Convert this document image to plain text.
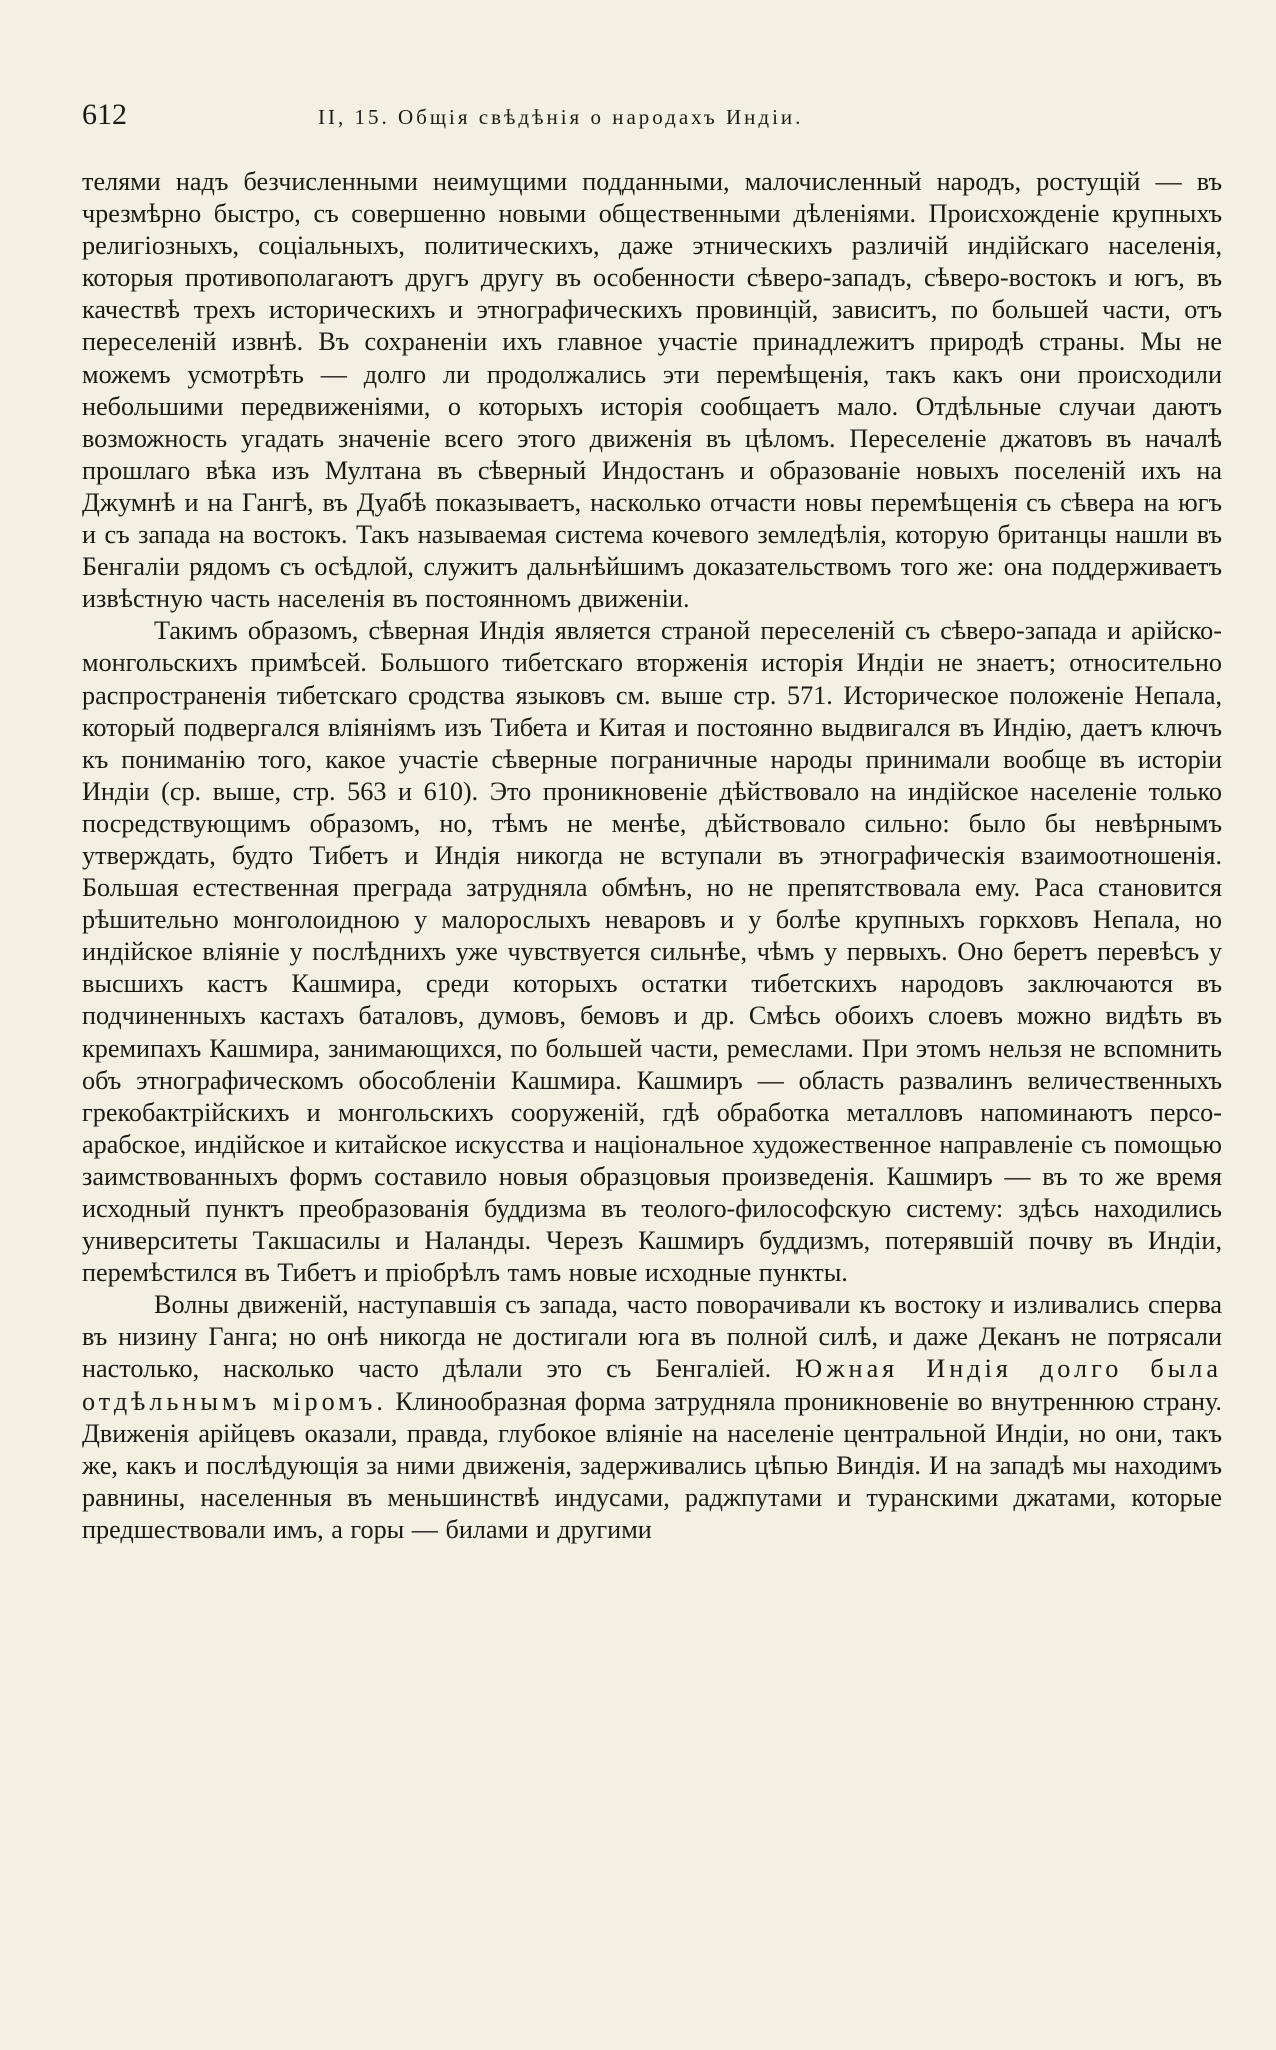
612	II, 15. Общія свѣдѣнія о народахъ Индіи.

телями надъ безчисленными неимущими подданными, малочисленный народъ, ростущій — въ чрезмѣрно быстро, съ совершенно новыми общественными дѣленіями. Происхожденіе крупныхъ религіозныхъ, соціальныхъ, политическихъ, даже этническихъ различій индійскаго населенія, которыя противополагаютъ другъ другу въ особенности сѣверо-западъ, сѣверо-востокъ и югъ, въ качествѣ трехъ историческихъ и этнографическихъ провинцій, зависитъ, по большей части, отъ переселеній извнѣ. Въ сохраненіи ихъ главное участіе принадлежитъ природѣ страны. Мы не можемъ усмотрѣть — долго ли продолжались эти перемѣщенія, такъ какъ они происходили небольшими передвиженіями, о которыхъ исторія сообщаетъ мало. Отдѣльные случаи даютъ возможность угадать значеніе всего этого движенія въ цѣломъ. Переселеніе джатовъ въ началѣ прошлаго вѣка изъ Мултана въ сѣверный Индостанъ и образованіе новыхъ поселеній ихъ на Джумнѣ и на Гангѣ, въ Дуабѣ показываетъ, насколько отчасти новы перемѣщенія съ сѣвера на югъ и съ запада на востокъ. Такъ называемая система кочевого земледѣлія, которую британцы нашли въ Бенгаліи рядомъ съ осѣдлой, служитъ дальнѣйшимъ доказательствомъ того же: она поддерживаетъ извѣстную часть населенія въ постоянномъ движеніи.

Такимъ образомъ, сѣверная Индія является страной переселеній съ сѣверо-запада и арійско-монгольскихъ примѣсей. Большого тибетскаго вторженія исторія Индіи не знаетъ; относительно распространенія тибетскаго сродства языковъ см. выше стр. 571. Историческое положеніе Непала, который подвергался вліяніямъ изъ Тибета и Китая и постоянно выдвигался въ Индію, даетъ ключъ къ пониманію того, какое участіе сѣверные пограничные народы принимали вообще въ исторіи Индіи (ср. выше, стр. 563 и 610). Это проникновеніе дѣйствовало на индійское населеніе только посредствующимъ образомъ, но, тѣмъ не менѣе, дѣйствовало сильно: было бы невѣрнымъ утверждать, будто Тибетъ и Индія никогда не вступали въ этнографическія взаимоотношенія. Большая естественная преграда затрудняла обмѣнъ, но не препятствовала ему. Раса становится рѣшительно монголоидною у малорослыхъ неваровъ и у болѣе крупныхъ горкховъ Непала, но индійское вліяніе у послѣднихъ уже чувствуется сильнѣе, чѣмъ у первыхъ. Оно беретъ перевѣсъ у высшихъ кастъ Кашмира, среди которыхъ остатки тибетскихъ народовъ заключаются въ подчиненныхъ кастахъ баталовъ, думовъ, бемовъ и др. Смѣсь обоихъ слоевъ можно видѣть въ кремипахъ Кашмира, занимающихся, по большей части, ремеслами. При этомъ нельзя не вспомнить объ этнографическомъ обособленіи Кашмира. Кашмиръ — область развалинъ величественныхъ грекобактрійскихъ и монгольскихъ сооруженій, гдѣ обработка металловъ напоминаютъ персо-арабское, индійское и китайское искусства и національное художественное направленіе съ помощью заимствованныхъ формъ составило новыя образцовыя произведенія. Кашмиръ — въ то же время исходный пунктъ преобразованія буддизма въ теолого-философскую систему: здѣсь находились университеты Такшасилы и Наланды. Черезъ Кашмиръ буддизмъ, потерявшій почву въ Индіи, перемѣстился въ Тибетъ и пріобрѣлъ тамъ новые исходные пункты.

Волны движеній, наступавшія съ запада, часто поворачивали къ востоку и изливались сперва въ низину Ганга; но онѣ никогда не достигали юга въ полной силѣ, и даже Деканъ не потрясали настолько, насколько часто дѣлали это съ Бенгаліей. Южная Индія долго была отдѣльнымъ міромъ. Клинообразная форма затрудняла проникновеніе во внутреннюю страну. Движенія арійцевъ оказали, правда, глубокое вліяніе на населеніе центральной Индіи, но они, такъ же, какъ и послѣдующія за ними движенія, задерживались цѣпью Виндія. И на западѣ мы находимъ равнины, населенныя въ меньшинствѣ индусами, раджпутами и туранскими джатами, которые предшествовали имъ, а горы — билами и другими
